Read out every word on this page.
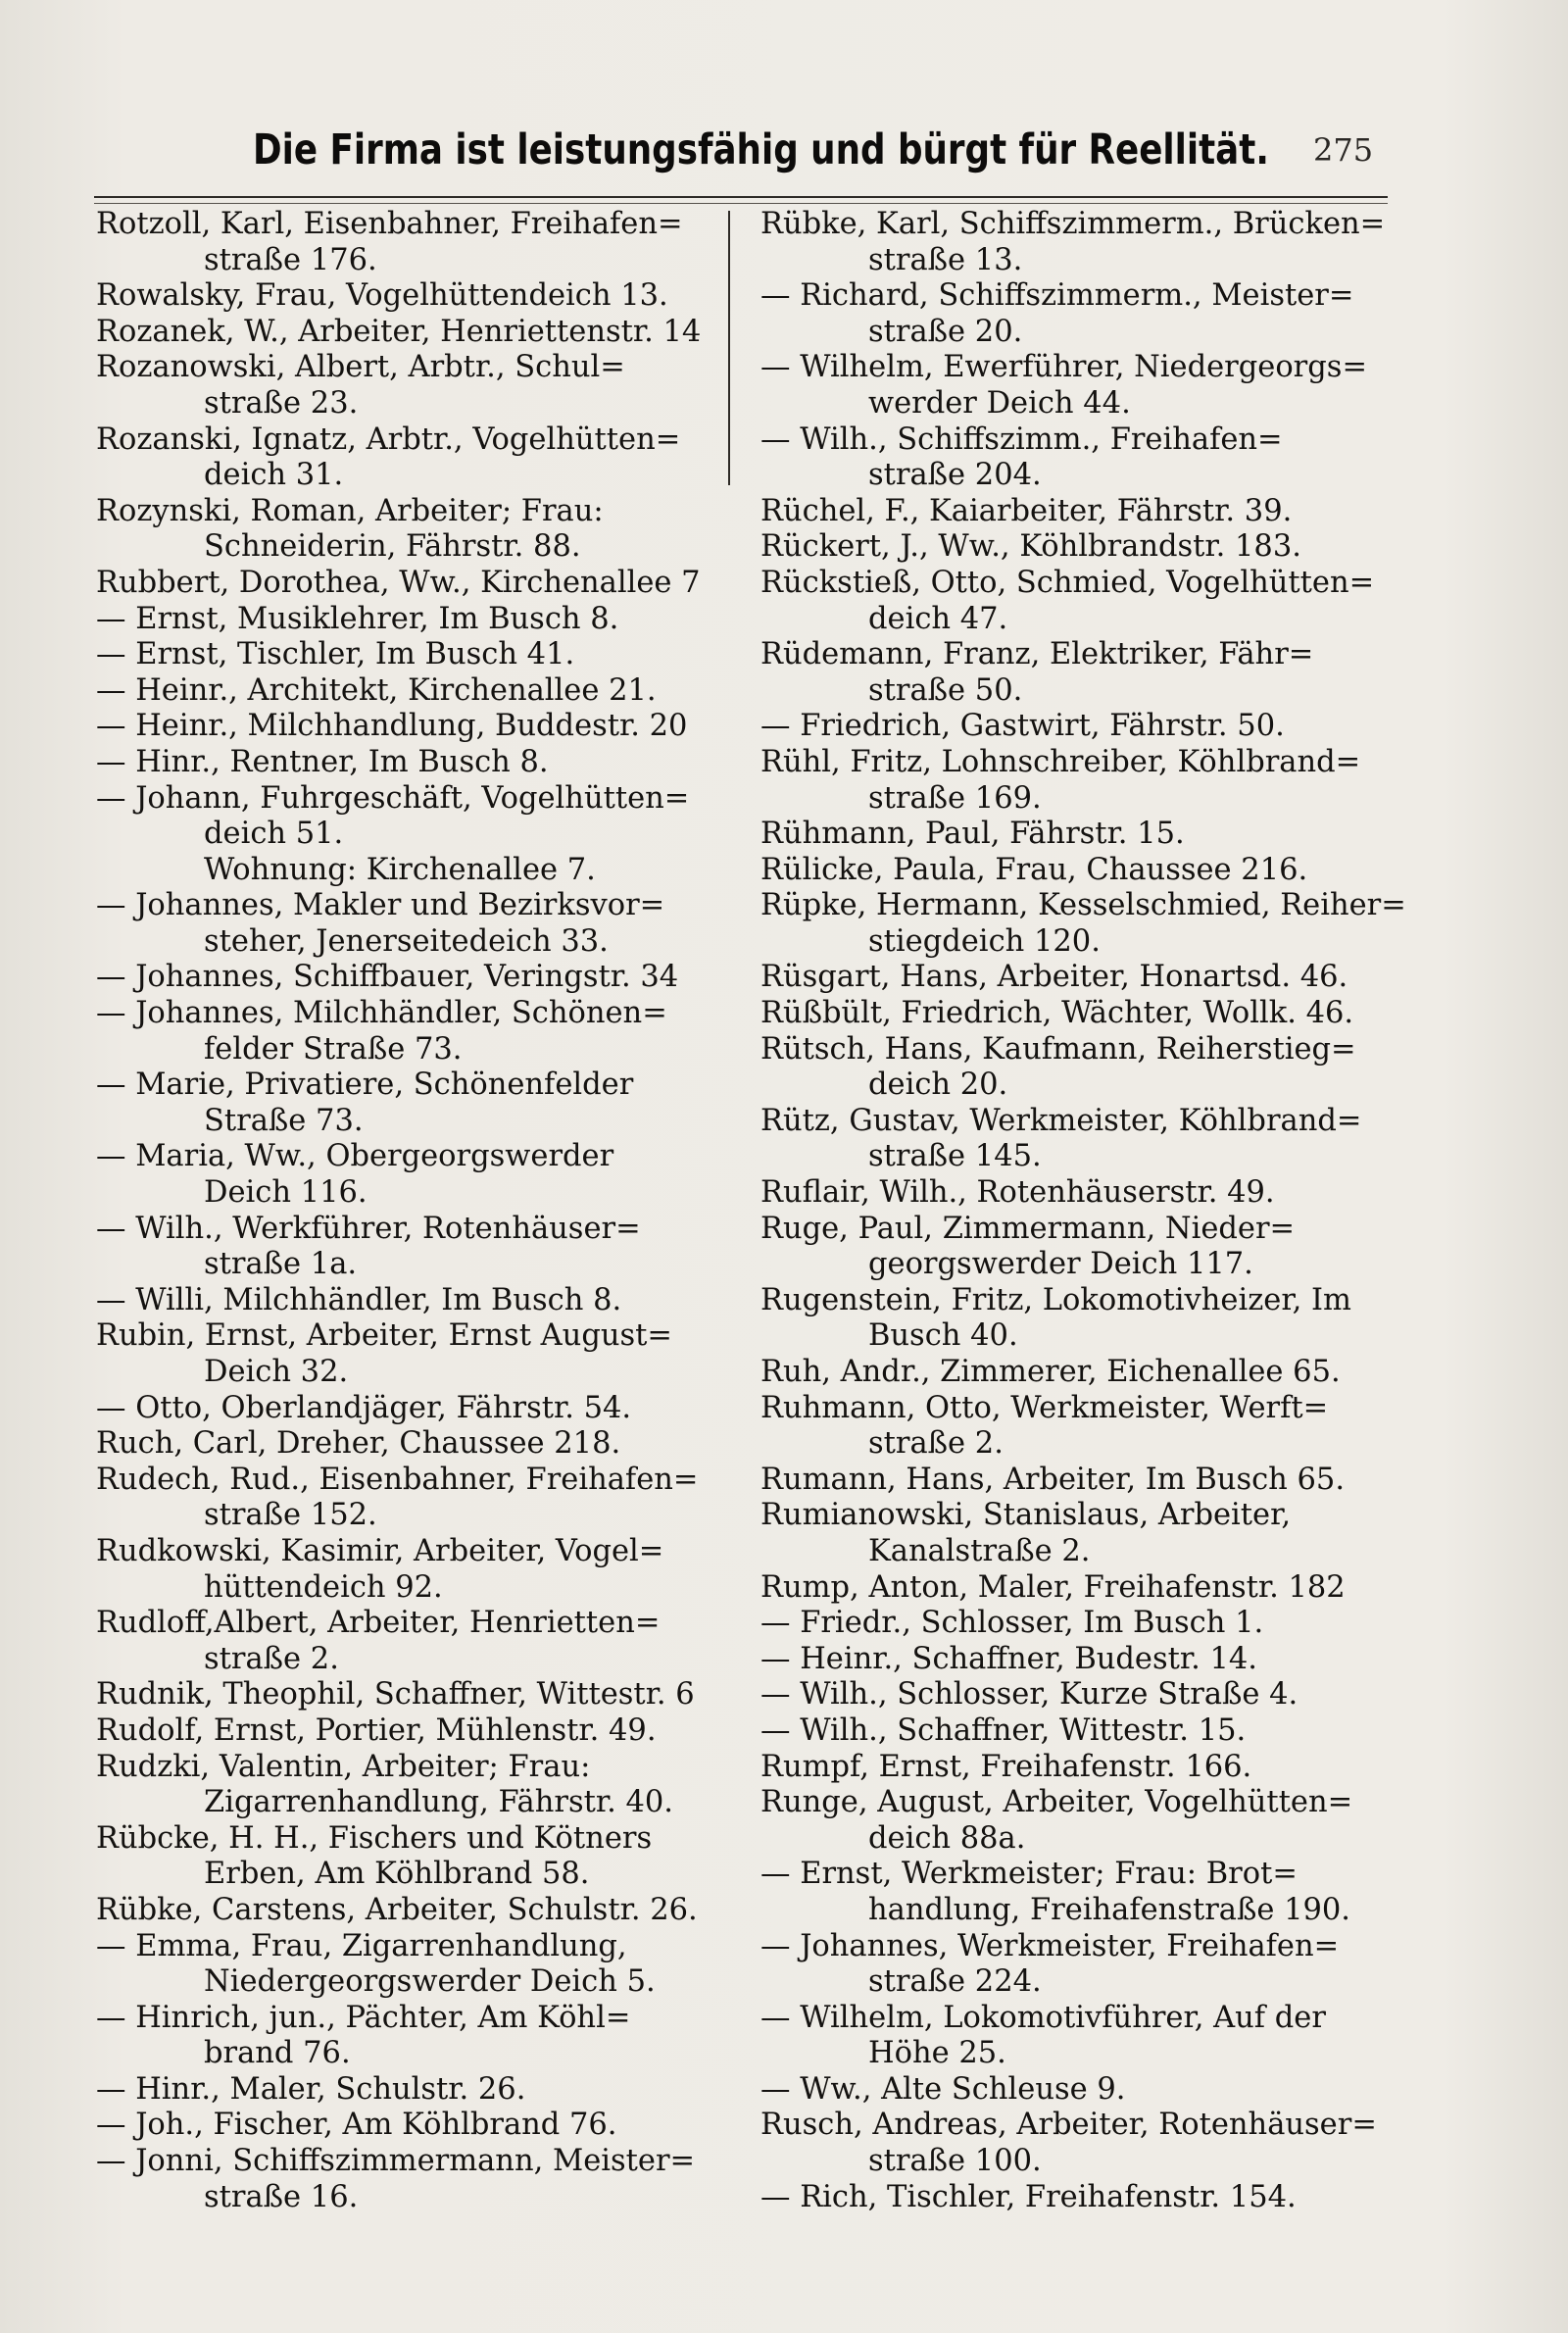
Die Firma ist leistungsfähig und bürgt für Reellität. 275
Rotzoll, Karl, Eisenbahner, Freihafen=
straße 176.
Rowalsky, Frau, Vogelhüttendeich 13.
Rozanek, W., Arbeiter, Henriettenstr. 14
Rozanowski, Albert, Arbtr., Schul=
straße 23.
Rozanski, Ignatz, Arbtr., Vogelhütten=
deich 31.
Rozynski, Roman, Arbeiter; Frau:
Schneiderin, Fährstr. 88.
Rubbert, Dorothea, Ww., Kirchenallee 7
— Ernst, Musiklehrer, Im Busch 8.
— Ernst, Tischler, Im Busch 41.
— Heinr., Architekt, Kirchenallee 21.
— Heinr., Milchhandlung, Buddestr. 20
— Hinr., Rentner, Im Busch 8.
— Johann, Fuhrgeschäft, Vogelhütten=
deich 51.
Wohnung: Kirchenallee 7.
— Johannes, Makler und Bezirksvor=
steher, Jenerseitedeich 33.
— Johannes, Schiffbauer, Veringstr. 34
— Johannes, Milchhändler, Schönen=
felder Straße 73.
— Marie, Privatiere, Schönenfelder
Straße 73.
— Maria, Ww., Obergeorgswerder
Deich 116.
— Wilh., Werkführer, Rotenhäuser=
straße 1a.
— Willi, Milchhändler, Im Busch 8.
Rubin, Ernst, Arbeiter, Ernst August=
Deich 32.
— Otto, Oberlandjäger, Fährstr. 54.
Ruch, Carl, Dreher, Chaussee 218.
Rudech, Rud., Eisenbahner, Freihafen=
straße 152.
Rudkowski, Kasimir, Arbeiter, Vogel=
hüttendeich 92.
Rudloff,Albert, Arbeiter, Henrietten=
straße 2.
Rudnik, Theophil, Schaffner, Wittestr. 6
Rudolf, Ernst, Portier, Mühlenstr. 49.
Rudzki, Valentin, Arbeiter; Frau:
Zigarrenhandlung, Fährstr. 40.
Rübcke, H. H., Fischers und Kötners
Erben, Am Köhlbrand 58.
Rübke, Carstens, Arbeiter, Schulstr. 26.
— Emma, Frau, Zigarrenhandlung,
Niedergeorgswerder Deich 5.
— Hinrich, jun., Pächter, Am Köhl=
brand 76.
— Hinr., Maler, Schulstr. 26.
— Joh., Fischer, Am Köhlbrand 76.
— Jonni, Schiffszimmermann, Meister=
straße 16.
Rübke, Karl, Schiffszimmerm., Brücken=
straße 13.
— Richard, Schiffszimmerm., Meister=
straße 20.
— Wilhelm, Ewerführer, Niedergeorgs=
werder Deich 44.
— Wilh., Schiffszimm., Freihafen=
straße 204.
Rüchel, F., Kaiarbeiter, Fährstr. 39.
Rückert, J., Ww., Köhlbrandstr. 183.
Rückstieß, Otto, Schmied, Vogelhütten=
deich 47.
Rüdemann, Franz, Elektriker, Fähr=
straße 50.
— Friedrich, Gastwirt, Fährstr. 50.
Rühl, Fritz, Lohnschreiber, Köhlbrand=
straße 169.
Rühmann, Paul, Fährstr. 15.
Rülicke, Paula, Frau, Chaussee 216.
Rüpke, Hermann, Kesselschmied, Reiher=
stiegdeich 120.
Rüsgart, Hans, Arbeiter, Honartsd. 46.
Rüßbült, Friedrich, Wächter, Wollk. 46.
Rütsch, Hans, Kaufmann, Reiherstieg=
deich 20.
Rütz, Gustav, Werkmeister, Köhlbrand=
straße 145.
Ruflair, Wilh., Rotenhäuserstr. 49.
Ruge, Paul, Zimmermann, Nieder=
georgswerder Deich 117.
Rugenstein, Fritz, Lokomotivheizer, Im
Busch 40.
Ruh, Andr., Zimmerer, Eichenallee 65.
Ruhmann, Otto, Werkmeister, Werft=
straße 2.
Rumann, Hans, Arbeiter, Im Busch 65.
Rumianowski, Stanislaus, Arbeiter,
Kanalstraße 2.
Rump, Anton, Maler, Freihafenstr. 182
— Friedr., Schlosser, Im Busch 1.
— Heinr., Schaffner, Budestr. 14.
— Wilh., Schlosser, Kurze Straße 4.
— Wilh., Schaffner, Wittestr. 15.
Rumpf, Ernst, Freihafenstr. 166.
Runge, August, Arbeiter, Vogelhütten=
deich 88a.
— Ernst, Werkmeister; Frau: Brot=
handlung, Freihafenstraße 190.
— Johannes, Werkmeister, Freihafen=
straße 224.
— Wilhelm, Lokomotivführer, Auf der
Höhe 25.
— Ww., Alte Schleuse 9.
Rusch, Andreas, Arbeiter, Rotenhäuser=
straße 100.
— Rich, Tischler, Freihafenstr. 154.
